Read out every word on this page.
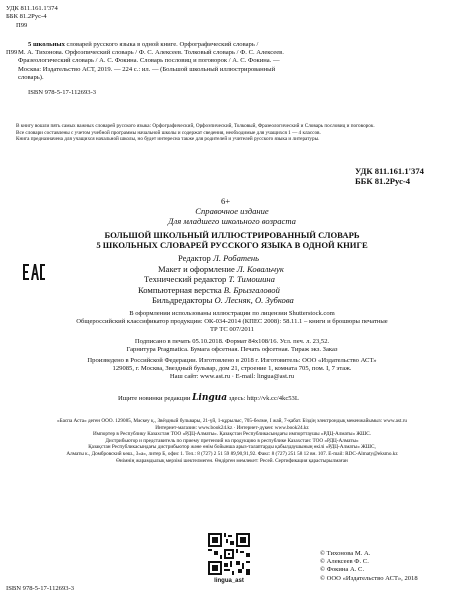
УДК 811.161.1'374
ББК 81.2Рус-4
П99
П99
5 школьных словарей русского языка в одной книге. Орфографический словарь /
М. А. Тихонова. Орфоэпический словарь / Ф. С. Алексеев. Толковый словарь / Ф. С. Алексеев.
Фразеологический словарь / А. С. Фокина. Словарь пословиц и поговорок / А. С. Фокина. —
Москва: Издательство АСТ, 2019. — 224 с.: ил. — (Большой школьный иллюстрированный
словарь).
ISBN 978-5-17-112693-3
В книгу вошли пять самых важных словарей русского языка: Орфографический, Орфоэпический, Толковый, Фразеологический и Словарь пословиц и поговорок.
Все словари составлены с учетом учебной программы начальной школы и содержат сведения, необходимые для учащихся 1 — 4 классов.
Книга предназначена для учащихся начальной школы, но будет интересна также для родителей и учителей русского языка и литературы.
УДК 811.161.1'374
ББК 81.2Рус-4
6+
Справочное издание
Для младшего школьного возраста
БОЛЬШОЙ ШКОЛЬНЫЙ ИЛЛЮСТРИРОВАННЫЙ СЛОВАРЬ
5 ШКОЛЬНЫХ СЛОВАРЕЙ РУССКОГО ЯЗЫКА В ОДНОЙ КНИГЕ
Редактор Л. Робатень
Макет и оформление Л. Ковальчук
Технический редактор Т. Тимошина
Компьютерная верстка В. Брызгаловой
Бильдредакторы О. Лесняк, О. Зубкова
В оформлении использованы иллюстрации по лицензии Shutterstock.com
Общероссийский классификатор продукции: ОК-034-2014 (КПЕС 2008): 58.11.1 – книги и брошюры печатные
ТР ТС 007/2011
Подписано в печать 05.10.2018. Формат 84x108/16. Усл. печ. л. 23,52.
Гарнитура Pragmatica. Бумага офсетная. Печать офсетная. Тираж экз. Заказ
Произведено в Российской Федерации. Изготовлено в 2018 г. Изготовитель: ООО «Издательство АСТ»
129085, г. Москва, Звездный бульвар, дом 21, строение 1, комната 705, пом. I, 7 этаж.
Наш сайт: www.ast.ru · E-mail: lingua@ast.ru
Ищите новинки редакции Lingua здесь: http://vk.cc/4kc53L
«Баспа Аста» деген ООО. 129085, Мәскеу қ., Звёздный бульвары, 21-үй, 1-құрылыс, 705-бөлме, I жай, 7-қабат. Біздің электрондық мекенжайымыз: www.ast.ru
Интернет-магазин: www.book24.kz · Интернет-дүкен: www.book24.kz
Импортер в Республику Казахстан ТОО «РДЦ-Алматы». Қазақстан Республикасындағы импорттаушы «РДЦ-Алматы» ЖШС.
Дистрибьютор и представитель по приему претензий на продукцию в республике Казахстан: ТОО «РДЦ-Алматы»
Қазақстан Республикасындағы дистрибьютор және өнім бойынша арыз-талаптарды қабылдаушының өкілі «РДЦ-Алматы» ЖШС,
Алматы к., Домбровский көш., 3«а», литер Б, офис 1. Тел.: 8 (727) 2 51 59 89,90,91,92. Факс: 8 (727) 251 58 12 вн. 107. E-mail: RDC-Almaty@eksmo.kz
Өнімнің жарамдылық мерзімі шектелмеген. Өндірген мемлекет: Ресей. Сертификация қарастырылмаған
lingua_ast
ISBN 978-5-17-112693-3
© Тихонова М. А.
© Алексеев Ф. С.
© Фокина А. С.
© ООО «Издательство АСТ», 2018
